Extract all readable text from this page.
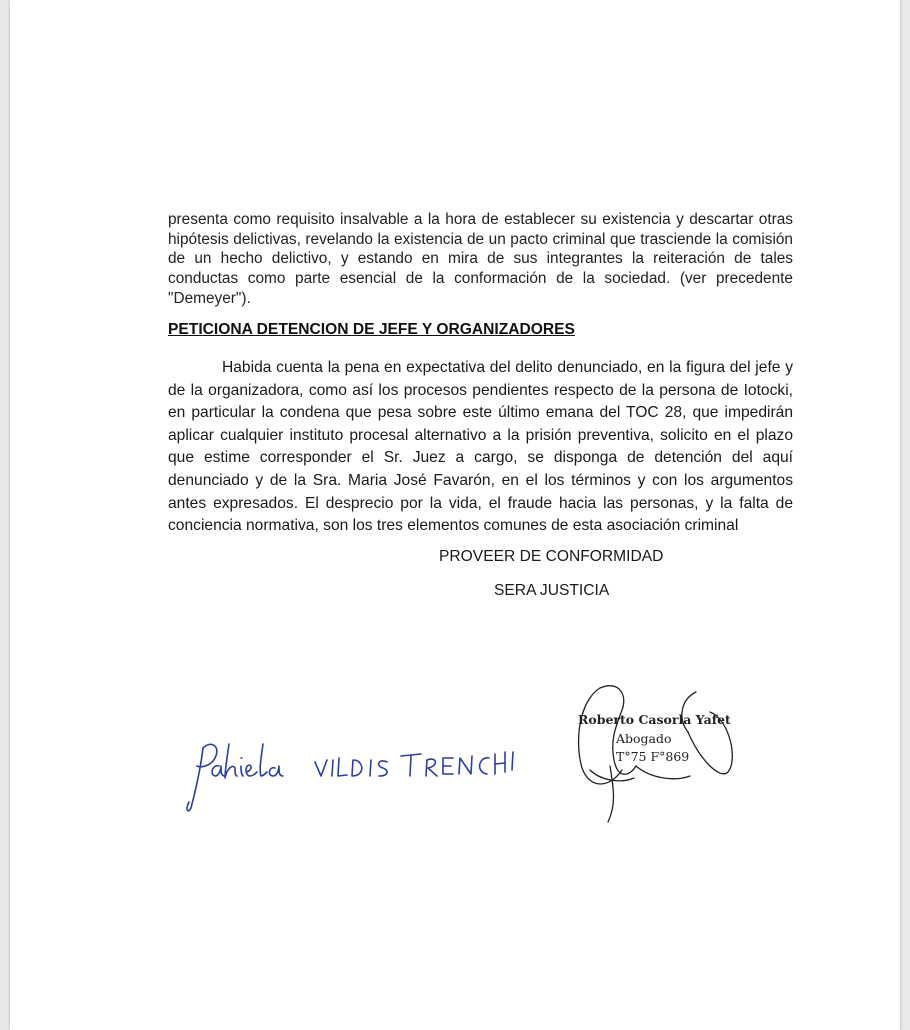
presenta como requisito insalvable a la hora de establecer su existencia y descartar otras hipótesis delictivas, revelando la existencia de un pacto criminal que trasciende la comisión de un hecho delictivo, y estando en mira de sus integrantes la reiteración de tales conductas como parte esencial de la conformación de la sociedad. (ver precedente "Demeyer").

PETICIONA DETENCION DE JEFE Y ORGANIZADORES

Habida cuenta la pena en expectativa del delito denunciado, en la figura del jefe y de la organizadora, como así los procesos pendientes respecto de la persona de Iotocki, en particular la condena que pesa sobre este último emana del TOC 28, que impedirán aplicar cualquier instituto procesal alternativo a la prisión preventiva, solicito en el plazo que estime corresponder el Sr. Juez a cargo, se disponga de detención del aquí denunciado y de la Sra. Maria José Favarón, en el los términos y con los argumentos antes expresados. El desprecio por la vida, el fraude hacia las personas, y la falta de conciencia normativa, son los tres elementos comunes de esta asociación criminal

PROVEER DE CONFORMIDAD

SERA JUSTICIA

Roberto Casorla Yafet
Abogado
T°75 F°869
